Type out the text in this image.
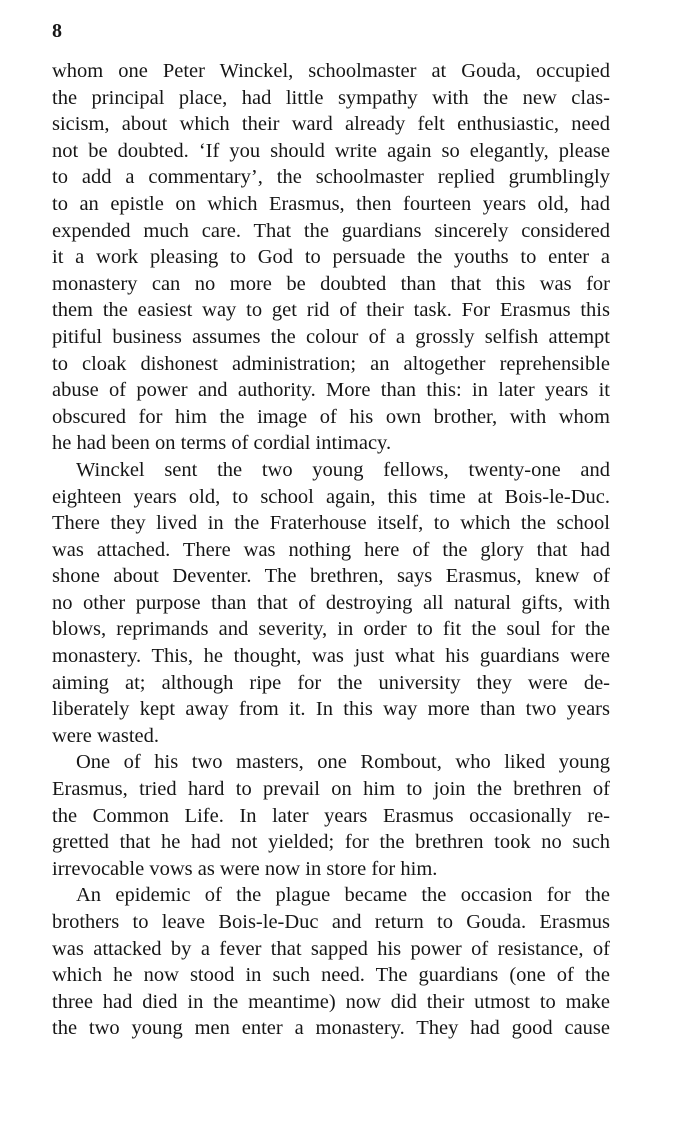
8
whom one Peter Winckel, schoolmaster at Gouda, occupied
the principal place, had little sympathy with the new clas-
sicism, about which their ward already felt enthusiastic, need
not be doubted. ‘If you should write again so elegantly, please
to add a commentary’, the schoolmaster replied grumblingly
to an epistle on which Erasmus, then fourteen years old, had
expended much care. That the guardians sincerely considered
it a work pleasing to God to persuade the youths to enter a
monastery can no more be doubted than that this was for
them the easiest way to get rid of their task. For Erasmus this
pitiful business assumes the colour of a grossly selfish attempt
to cloak dishonest administration; an altogether reprehensible
abuse of power and authority. More than this: in later years it
obscured for him the image of his own brother, with whom
he had been on terms of cordial intimacy.
Winckel sent the two young fellows, twenty-one and
eighteen years old, to school again, this time at Bois-le-Duc.
There they lived in the Fraterhouse itself, to which the school
was attached. There was nothing here of the glory that had
shone about Deventer. The brethren, says Erasmus, knew of
no other purpose than that of destroying all natural gifts, with
blows, reprimands and severity, in order to fit the soul for the
monastery. This, he thought, was just what his guardians were
aiming at; although ripe for the university they were de-
liberately kept away from it. In this way more than two years
were wasted.
One of his two masters, one Rombout, who liked young
Erasmus, tried hard to prevail on him to join the brethren of
the Common Life. In later years Erasmus occasionally re-
gretted that he had not yielded; for the brethren took no such
irrevocable vows as were now in store for him.
An epidemic of the plague became the occasion for the
brothers to leave Bois-le-Duc and return to Gouda. Erasmus
was attacked by a fever that sapped his power of resistance, of
which he now stood in such need. The guardians (one of the
three had died in the meantime) now did their utmost to make
the two young men enter a monastery. They had good cause
